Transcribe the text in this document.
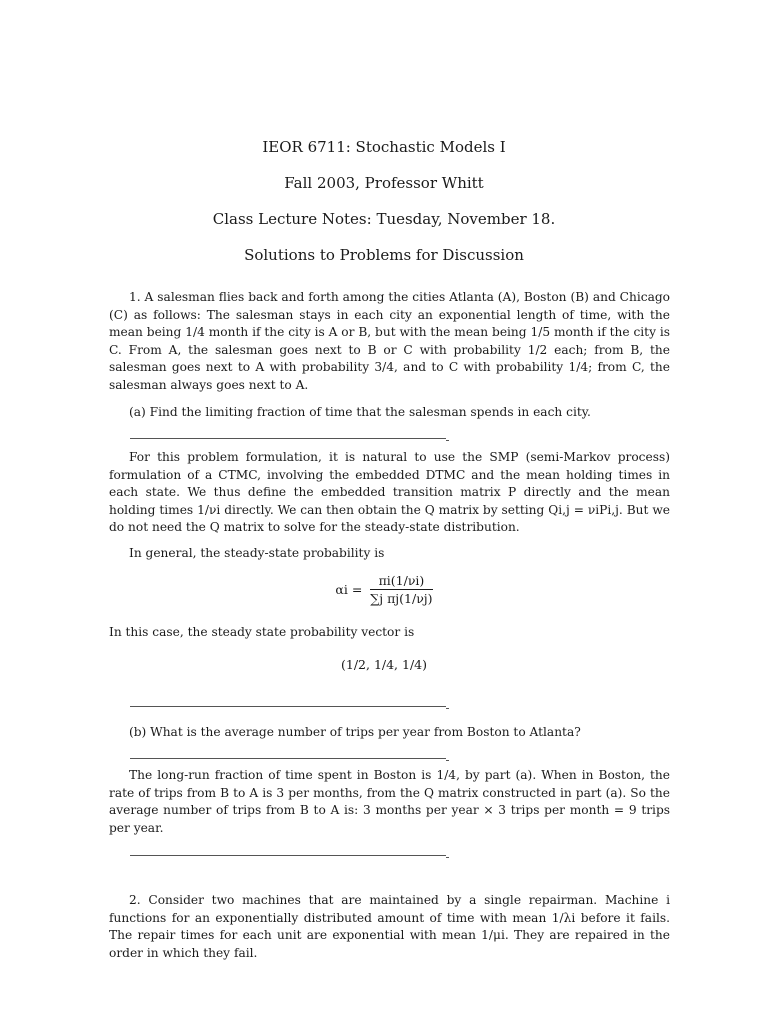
IEOR 6711: Stochastic Models I
Fall 2003, Professor Whitt
Class Lecture Notes: Tuesday, November 18.
Solutions to Problems for Discussion
1. A salesman flies back and forth among the cities Atlanta (A), Boston (B) and Chicago (C) as follows: The salesman stays in each city an exponential length of time, with the mean being 1/4 month if the city is A or B, but with the mean being 1/5 month if the city is C. From A, the salesman goes next to B or C with probability 1/2 each; from B, the salesman goes next to A with probability 3/4, and to C with probability 1/4; from C, the salesman always goes next to A.
(a) Find the limiting fraction of time that the salesman spends in each city.
For this problem formulation, it is natural to use the SMP (semi-Markov process) formulation of a CTMC, involving the embedded DTMC and the mean holding times in each state. We thus define the embedded transition matrix P directly and the mean holding times 1/νi directly. We can then obtain the Q matrix by setting Qi,j = νiPi,j. But we do not need the Q matrix to solve for the steady-state distribution.
In general, the steady-state probability is
$\alpha i = \frac{\pi i(1/\nu i)}{\text{∑j πj(1/νj)}}$
In this case, the steady state probability vector is
(1/2, 1/4, 1/4)
(b) What is the average number of trips per year from Boston to Atlanta?
The long-run fraction of time spent in Boston is 1/4, by part (a). When in Boston, the rate of trips from B to A is 3 per months, from the Q matrix constructed in part (a). So the average number of trips from B to A is: 3 months per year × 3 trips per month = 9 trips per year.
2. Consider two machines that are maintained by a single repairman. Machine i functions for an exponentially distributed amount of time with mean 1/λi before it fails. The repair times for each unit are exponential with mean 1/μi. They are repaired in the order in which they fail.
